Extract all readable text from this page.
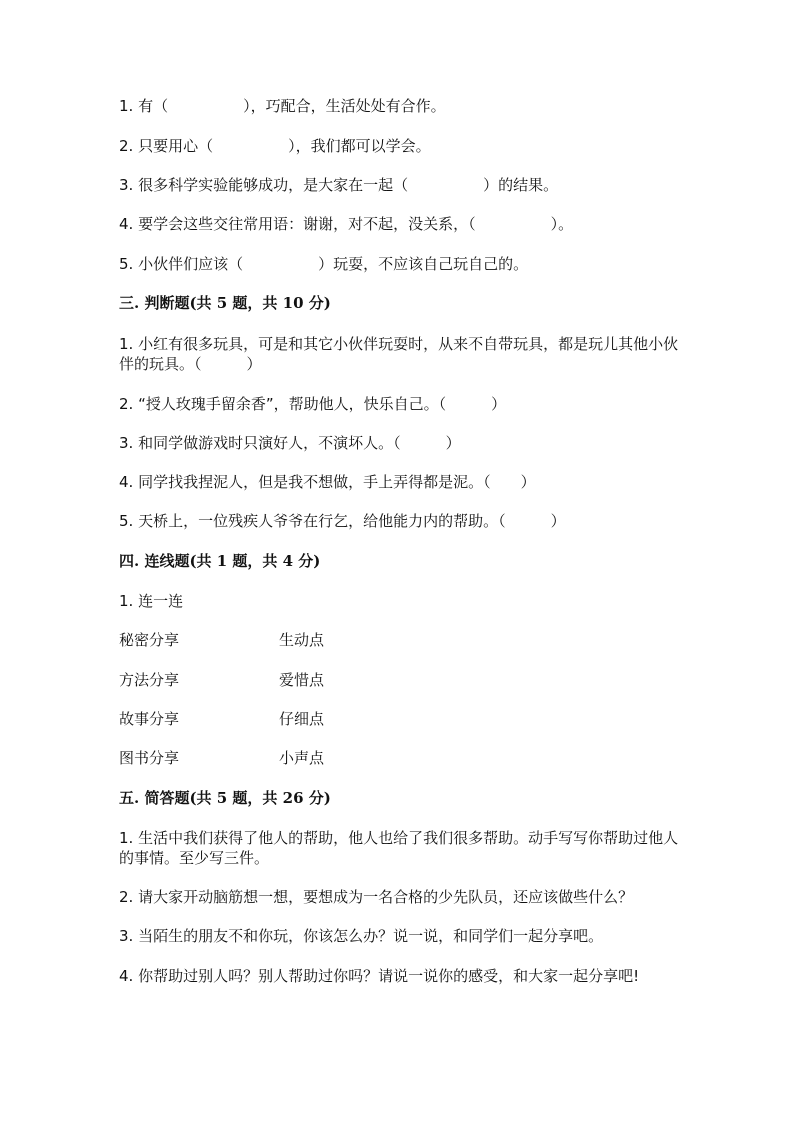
1. 有（　　　　　），巧配合，生活处处有合作。
2. 只要用心（　　　　　），我们都可以学会。
3. 很多科学实验能够成功，是大家在一起（　　　　　）的结果。
4. 要学会这些交往常用语：谢谢，对不起，没关系，（　　　　　）。
5. 小伙伴们应该（　　　　　）玩耍，不应该自己玩自己的。
三. 判断题(共 5 题，共 10 分)
1. 小红有很多玩具，可是和其它小伙伴玩耍时，从来不自带玩具，都是玩儿其他小伙伴的玩具。（　　　）
2. “授人玫瑰手留余香”，帮助他人，快乐自己。（　　　）
3. 和同学做游戏时只演好人，不演坏人。（　　　）
4. 同学找我捏泥人，但是我不想做，手上弄得都是泥。（　　）
5. 天桥上，一位残疾人爷爷在行乞，给他能力内的帮助。（　　　）
四. 连线题(共 1 题，共 4 分)
1. 连一连
秘密分享	生动点
方法分享	爱惜点
故事分享	仔细点
图书分享	小声点
五. 简答题(共 5 题，共 26 分)
1. 生活中我们获得了他人的帮助，他人也给了我们很多帮助。动手写写你帮助过他人的事情。至少写三件。
2. 请大家开动脑筋想一想，要想成为一名合格的少先队员，还应该做些什么？
3. 当陌生的朋友不和你玩，你该怎么办？说一说，和同学们一起分享吧。
4. 你帮助过别人吗？别人帮助过你吗？请说一说你的感受，和大家一起分享吧!
